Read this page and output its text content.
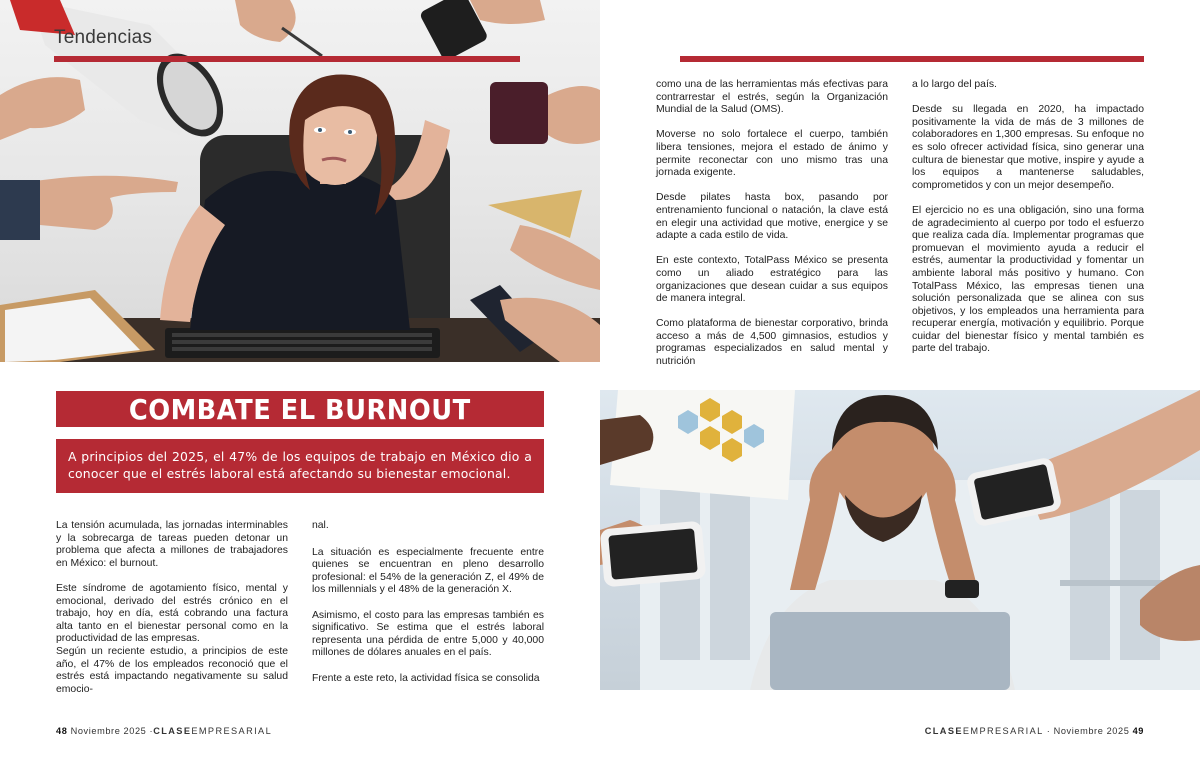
Tendencias
COMBATE EL BURNOUT

A principios del 2025, el 47% de los equipos de trabajo en México dio a conocer que el estrés laboral está afectando su bienestar emocional.

La tensión acumulada, las jornadas interminables y la sobrecarga de tareas pueden detonar un problema que afecta a millones de trabajadores en México: el burnout.

Este síndrome de agotamiento físico, mental y emocional, derivado del estrés crónico en el trabajo, hoy en día, está cobrando una factura alta tanto en el bienestar personal como en la productividad de las empresas.

Según un reciente estudio, a principios de este año, el 47% de los empleados reconoció que el estrés está impactando negativamente su salud emocio-

nal.

La situación es especialmente frecuente entre quienes se encuentran en pleno desarrollo profesional: el 54% de la generación Z, el 49% de los millennials y el 48% de la generación X.

Asimismo, el costo para las empresas también es significativo. Se estima que el estrés laboral representa una pérdida de entre 5,000 y 40,000 millones de dólares anuales en el país.

Frente a este reto, la actividad física se consolida

48 Noviembre 2025 ·CLASEEMPRESARIAL

como una de las herramientas más efectivas para contrarrestar el estrés, según la Organización Mundial de la Salud (OMS).

Moverse no solo fortalece el cuerpo, también libera tensiones, mejora el estado de ánimo y permite reconectar con uno mismo tras una jornada exigente.

Desde pilates hasta box, pasando por entrenamiento funcional o natación, la clave está en elegir una actividad que motive, energice y se adapte a cada estilo de vida.

En este contexto, TotalPass México se presenta como un aliado estratégico para las organizaciones que desean cuidar a sus equipos de manera integral.

Como plataforma de bienestar corporativo, brinda acceso a más de 4,500 gimnasios, estudios y programas especializados en salud mental y nutrición

a lo largo del país.

Desde su llegada en 2020, ha impactado positivamente la vida de más de 3 millones de colaboradores en 1,300 empresas. Su enfoque no es solo ofrecer actividad física, sino generar una cultura de bienestar que motive, inspire y ayude a los equipos a mantenerse saludables, comprometidos y con un mejor desempeño.

El ejercicio no es una obligación, sino una forma de agradecimiento al cuerpo por todo el esfuerzo que realiza cada día. Implementar programas que promuevan el movimiento ayuda a reducir el estrés, aumentar la productividad y fomentar un ambiente laboral más positivo y humano. Con TotalPass México, las empresas tienen una solución personalizada que se alinea con sus objetivos, y los empleados una herramienta para recuperar energía, motivación y equilibrio. Porque cuidar del bienestar físico y mental también es parte del trabajo.

CLASEEMPRESARIAL · Noviembre 2025 49
